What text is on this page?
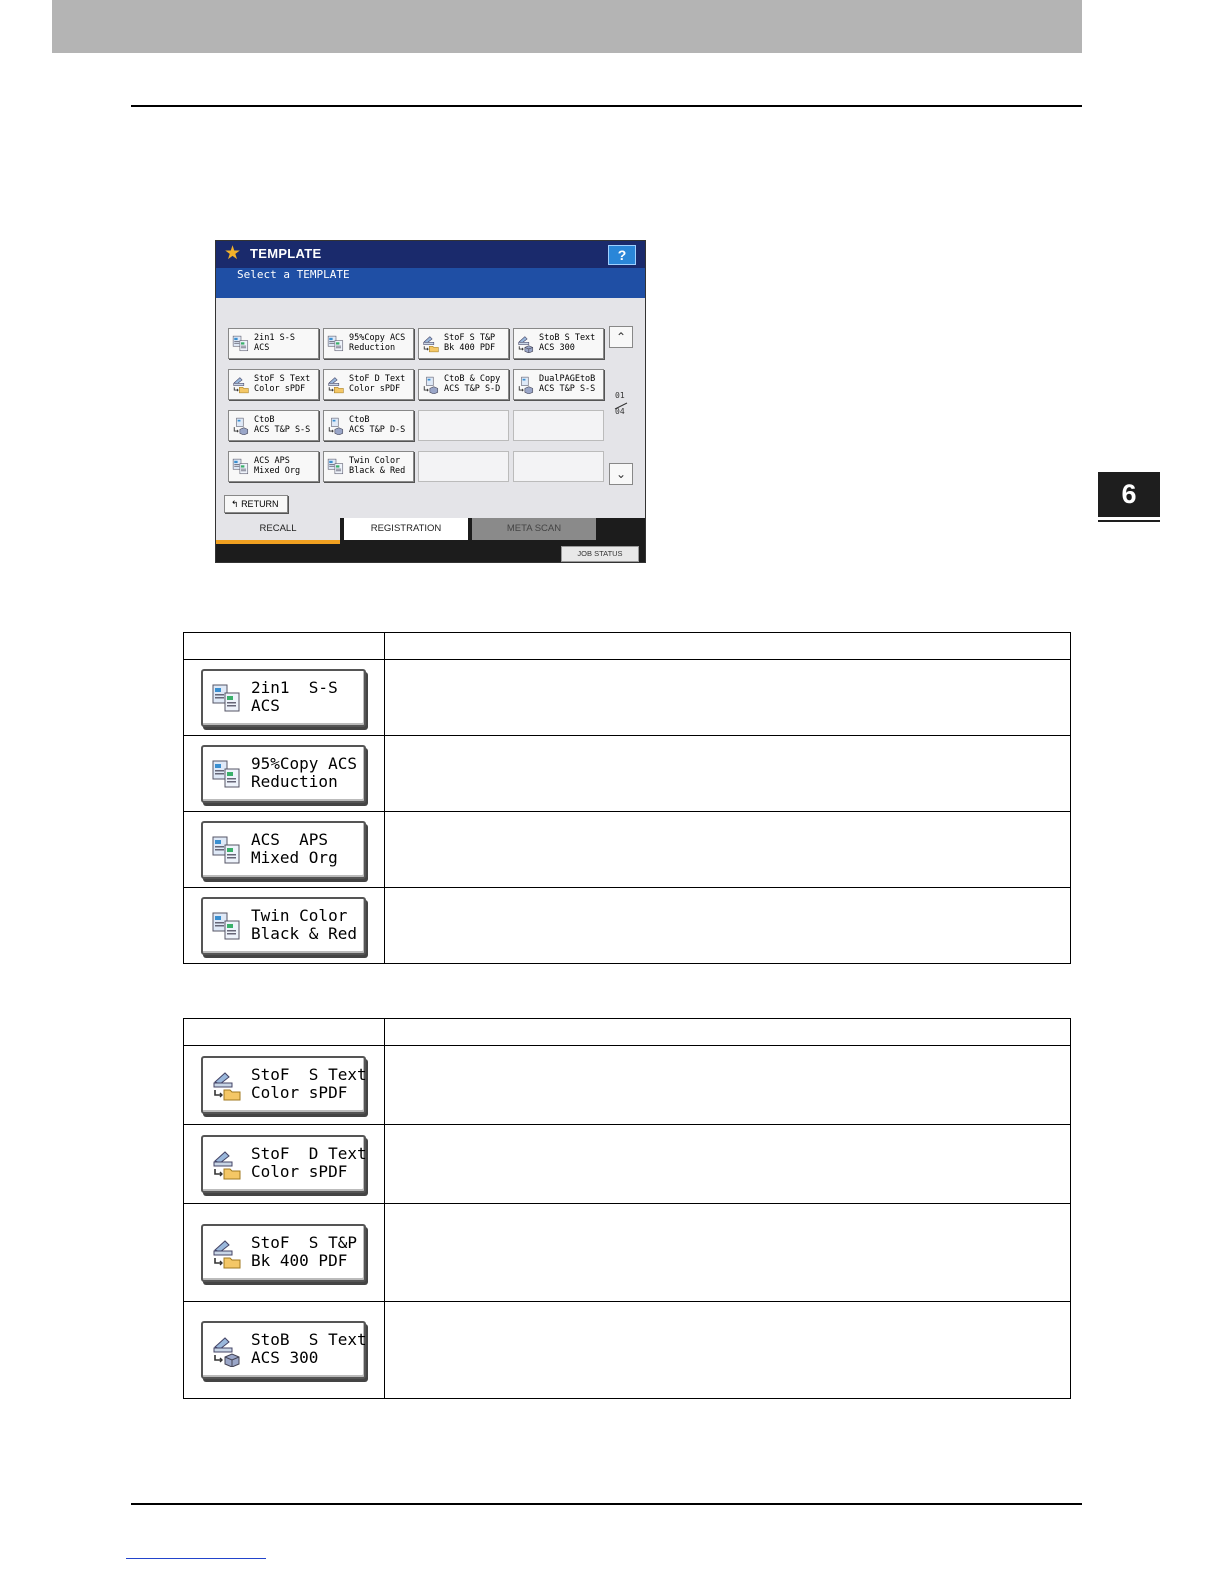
6
★ TEMPLATE	?
Select a TEMPLATE
2in1 S-S
ACS
95%Copy ACS
Reduction
StoF S T&P
Bk 400 PDF
StoB S Text
ACS 300
StoF S Text
Color sPDF
StoF D Text
Color sPDF
CtoB & Copy
ACS T&P S-D
DualPAGEtoB
ACS T&P S-S
CtoB
ACS T&P S-S
CtoB
ACS T&P D-S
ACS APS
Mixed Org
Twin Color
Black & Red
⌃
01
04
⌄
↰ RETURN
RECALL	REGISTRATION	META SCAN
JOB STATUS

2in1  S-S
ACS	

95%Copy ACS
Reduction	

ACS  APS
Mixed Org	

Twin Color
Black & Red	

StoF  S Text
Color sPDF	

StoF  D Text
Color sPDF	

StoF  S T&P
Bk 400 PDF	

StoB  S Text
ACS 300	
